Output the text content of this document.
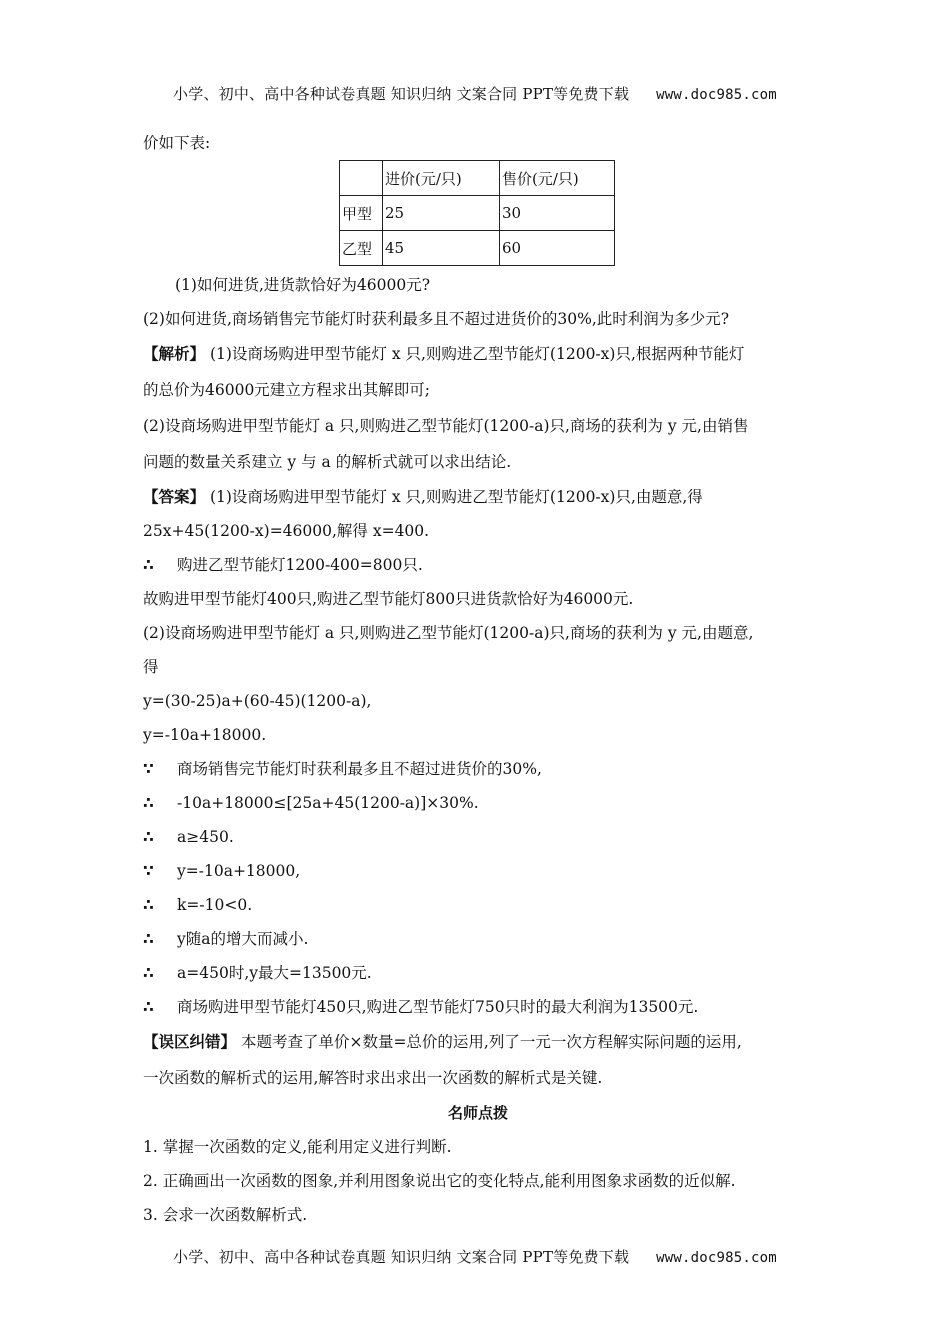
小学、初中、高中各种试卷真题 知识归纳 文案合同 PPT等免费下载 www.doc985.com
价如下表:
	进价(元/只)	售价(元/只)
甲型	25	30
乙型	45	60
(1)如何进货,进货款恰好为46000元?
(2)如何进货,商场销售完节能灯时获利最多且不超过进货价的30%,此时利润为多少元?
【解析】 (1)设商场购进甲型节能灯 x 只,则购进乙型节能灯(1200-x)只,根据两种节能灯
的总价为46000元建立方程求出其解即可;
(2)设商场购进甲型节能灯 a 只,则购进乙型节能灯(1200-a)只,商场的获利为 y 元,由销售
问题的数量关系建立 y 与 a 的解析式就可以求出结论.
【答案】 (1)设商场购进甲型节能灯 x 只,则购进乙型节能灯(1200-x)只,由题意,得
25x+45(1200-x)=46000,解得 x=400.
∴ 购进乙型节能灯1200-400=800只.
故购进甲型节能灯400只,购进乙型节能灯800只进货款恰好为46000元.
(2)设商场购进甲型节能灯 a 只,则购进乙型节能灯(1200-a)只,商场的获利为 y 元,由题意,
得
y=(30-25)a+(60-45)(1200-a),
y=-10a+18000.
∵ 商场销售完节能灯时获利最多且不超过进货价的30%,
∴ -10a+18000≤[25a+45(1200-a)]×30%.
∴ a≥450.
∵ y=-10a+18000,
∴ k=-10<0.
∴ y随a的增大而减小.
∴ a=450时,y最大=13500元.
∴ 商场购进甲型节能灯450只,购进乙型节能灯750只时的最大利润为13500元.
【误区纠错】 本题考查了单价×数量=总价的运用,列了一元一次方程解实际问题的运用,
一次函数的解析式的运用,解答时求出求出一次函数的解析式是关键.
名师点拨
1. 掌握一次函数的定义,能利用定义进行判断.
2. 正确画出一次函数的图象,并利用图象说出它的变化特点,能利用图象求函数的近似解.
3. 会求一次函数解析式.
小学、初中、高中各种试卷真题 知识归纳 文案合同 PPT等免费下载 www.doc985.com
